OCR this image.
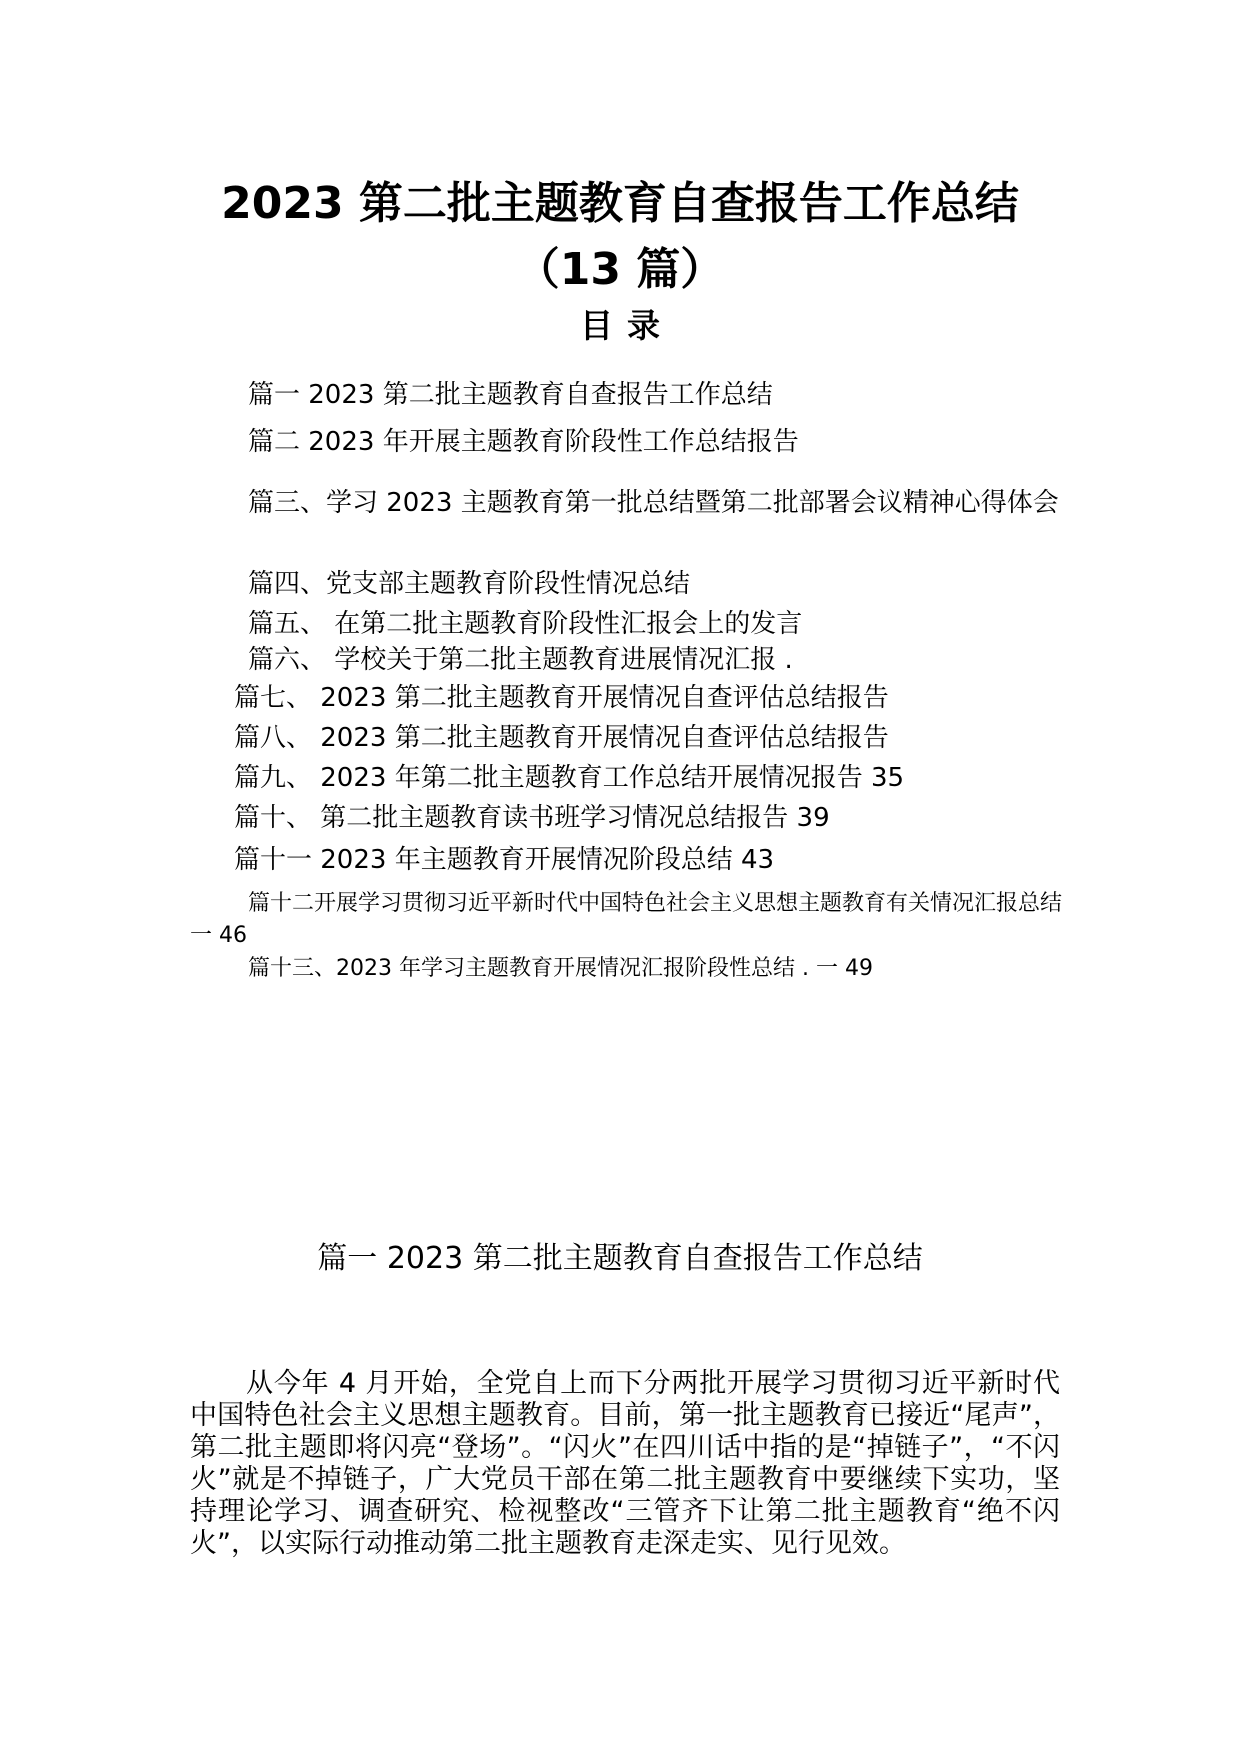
2023 第二批主题教育自查报告工作总结
（13 篇）
目录
篇一 2023 第二批主题教育自查报告工作总结
篇二 2023 年开展主题教育阶段性工作总结报告
篇三、学习 2023 主题教育第一批总结暨第二批部署会议精神心得体会
篇四、党支部主题教育阶段性情况总结
篇五、 在第二批主题教育阶段性汇报会上的发言
篇六、 学校关于第二批主题教育进展情况汇报 .
篇七、 2023 第二批主题教育开展情况自查评估总结报告
篇八、 2023 第二批主题教育开展情况自查评估总结报告
篇九、 2023 年第二批主题教育工作总结开展情况报告 35
篇十、 第二批主题教育读书班学习情况总结报告 39
篇十一 2023 年主题教育开展情况阶段总结 43
篇十二开展学习贯彻习近平新时代中国特色社会主义思想主题教育有关情况汇报总结一 46
篇十三、2023 年学习主题教育开展情况汇报阶段性总结 . 一 49
篇一 2023 第二批主题教育自查报告工作总结
从今年 4 月开始，全党自上而下分两批开展学习贯彻习近平新时代中国特色社会主义思想主题教育。目前，第一批主题教育已接近“尾声”，第二批主题即将闪亮“登场”。“闪火”在四川话中指的是“掉链子”，“不闪火”就是不掉链子，广大党员干部在第二批主题教育中要继续下实功，坚持理论学习、调查研究、检视整改“三管齐下让第二批主题教育“绝不闪火”，以实际行动推动第二批主题教育走深走实、见行见效。
